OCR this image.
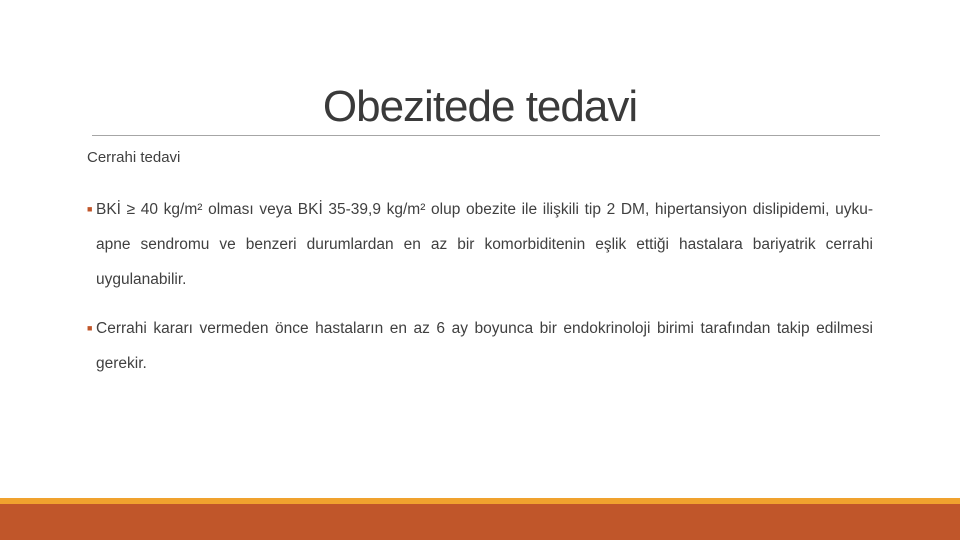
Obezitede tedavi
Cerrahi tedavi
■ BKİ ≥ 40 kg/m² olması veya BKİ 35-39,9 kg/m² olup obezite ile ilişkili tip 2 DM, hipertansiyon dislipidemi, uyku-apne sendromu ve benzeri durumlardan en az bir komorbiditenin eşlik ettiği hastalara bariyatrik cerrahi uygulanabilir.
■ Cerrahi kararı vermeden önce hastaların en az 6 ay boyunca bir endokrinoloji birimi tarafından takip edilmesi gerekir.
